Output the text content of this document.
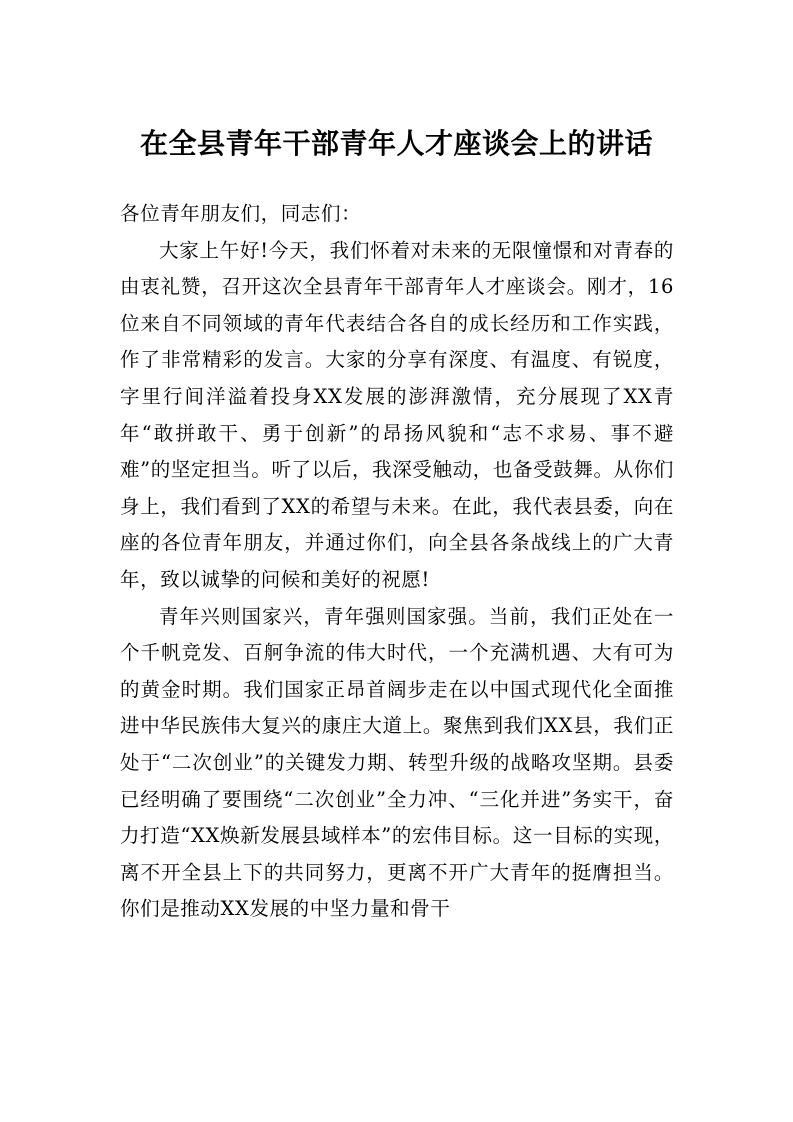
在全县青年干部青年人才座谈会上的讲话

各位青年朋友们，同志们：

大家上午好!今天，我们怀着对未来的无限憧憬和对青春的由衷礼赞，召开这次全县青年干部青年人才座谈会。刚才，16位来自不同领域的青年代表结合各自的成长经历和工作实践，作了非常精彩的发言。大家的分享有深度、有温度、有锐度，字里行间洋溢着投身XX发展的澎湃激情，充分展现了XX青年“敢拼敢干、勇于创新”的昂扬风貌和“志不求易、事不避难”的坚定担当。听了以后，我深受触动，也备受鼓舞。从你们身上，我们看到了XX的希望与未来。在此，我代表县委，向在座的各位青年朋友，并通过你们，向全县各条战线上的广大青年，致以诚挚的问候和美好的祝愿!

青年兴则国家兴，青年强则国家强。当前，我们正处在一个千帆竞发、百舸争流的伟大时代，一个充满机遇、大有可为的黄金时期。我们国家正昂首阔步走在以中国式现代化全面推进中华民族伟大复兴的康庄大道上。聚焦到我们XX县，我们正处于“二次创业”的关键发力期、转型升级的战略攻坚期。县委已经明确了要围绕“二次创业”全力冲、“三化并进”务实干，奋力打造“XX焕新发展县域样本”的宏伟目标。这一目标的实现，离不开全县上下的共同努力，更离不开广大青年的挺膺担当。你们是推动XX发展的中坚力量和骨干
